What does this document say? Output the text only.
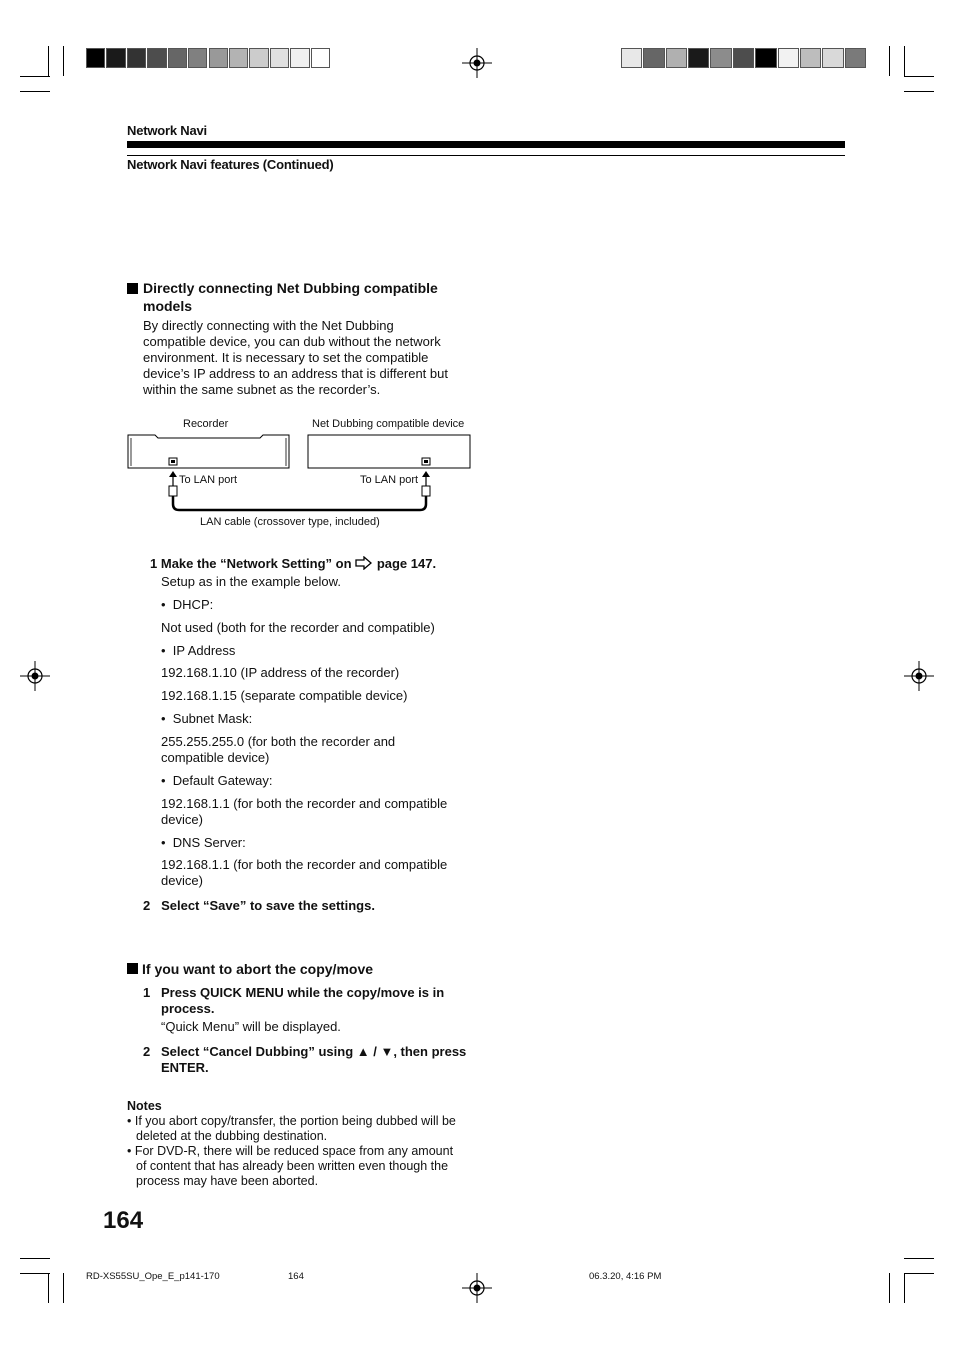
Network Navi
Network Navi features (Continued)
Directly connecting Net Dubbing compatible
models
By directly connecting with the Net Dubbing
compatible device, you can dub without the network
environment. It is necessary to set the compatible
device’s IP address to an address that is different but
within the same subnet as the recorder’s.
Recorder	Net Dubbing compatible device
To LAN port	To LAN port
LAN cable (crossover type, included)
1 Make the “Network Setting” on page 147.
Setup as in the example below.
•  DHCP:
Not used (both for the recorder and compatible)
•  IP Address
192.168.1.10 (IP address of the recorder)
192.168.1.15 (separate compatible device)
•  Subnet Mask:
255.255.255.0 (for both the recorder and
compatible device)
•  Default Gateway:
192.168.1.1 (for both the recorder and compatible
device)
•  DNS Server:
192.168.1.1 (for both the recorder and compatible
device)
2 Select “Save” to save the settings.
If you want to abort the copy/move
1 Press QUICK MENU while the copy/move is in
process.
“Quick Menu” will be displayed.
2 Select “Cancel Dubbing” using ▲ / ▼, then press
ENTER.
Notes
• If you abort copy/transfer, the portion being dubbed will be
deleted at the dubbing destination.
• For DVD-R, there will be reduced space from any amount
of content that has already been written even though the
process may have been aborted.
164
RD-XS55SU_Ope_E_p141-170	164	06.3.20, 4:16 PM
